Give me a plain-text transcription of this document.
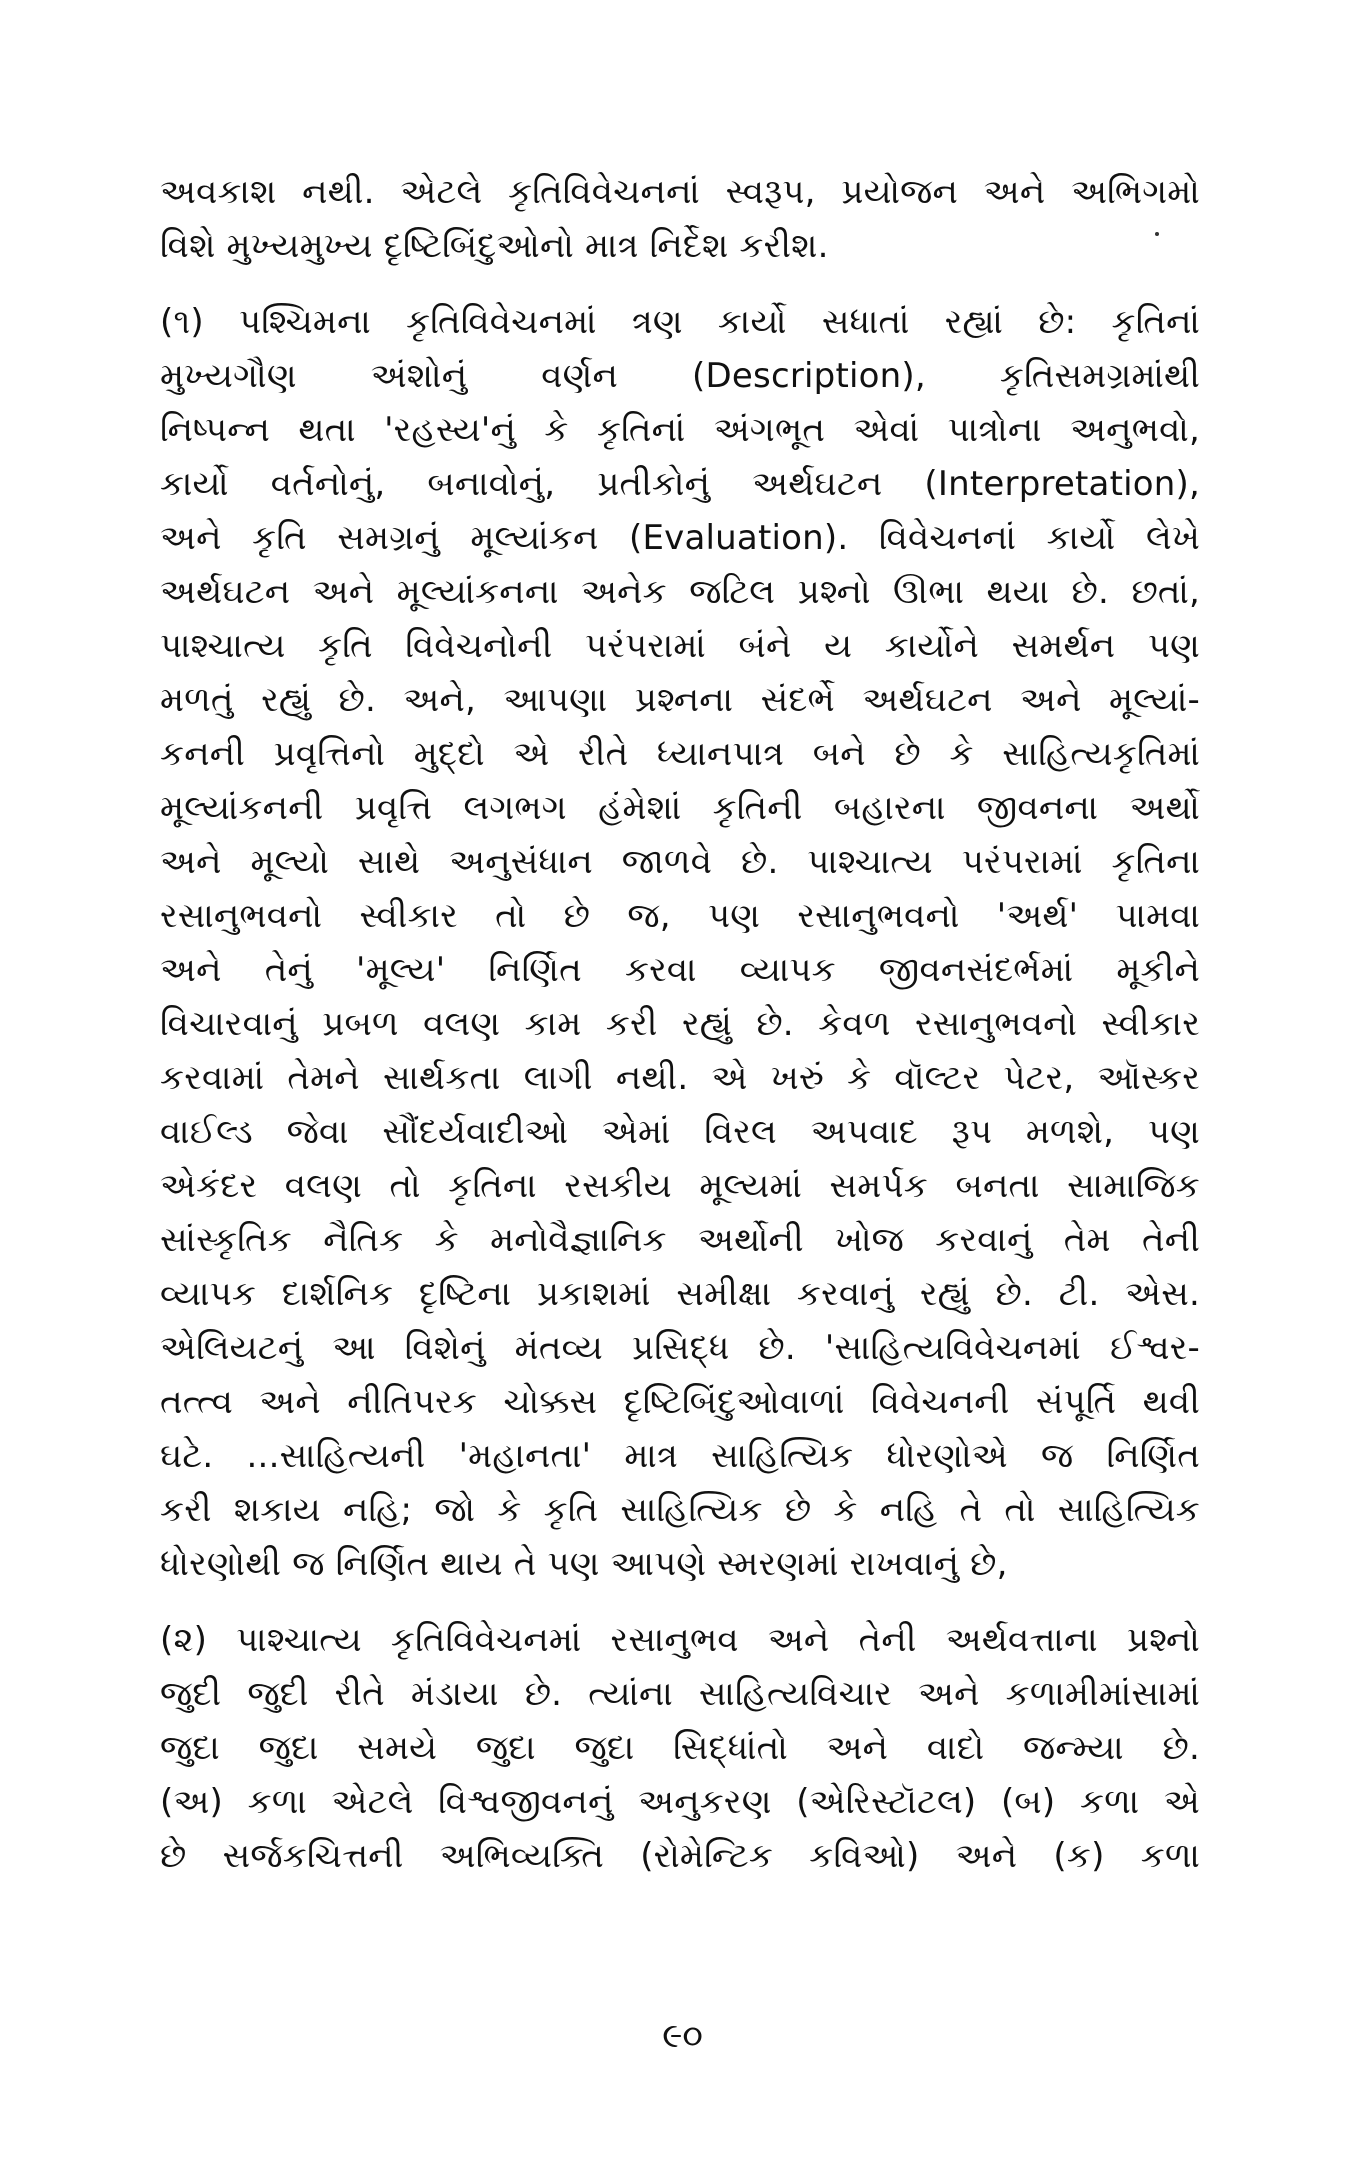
અવકાશ નથી. એટલે કૃતિવિવેચનનાં સ્વરૂપ, પ્રયોજન અને અભિગમો
વિશે મુખ્યમુખ્ય દૃષ્ટિબિંદુઓનો માત્ર નિર્દેશ કરીશ.
(૧) પશ્ચિમના કૃતિવિવેચનમાં ત્રણ કાર્યો સધાતાં રહ્યાં છે: કૃતિનાં
મુખ્યગૌણ અંશોનું વર્ણન (Description), કૃતિસમગ્રમાંથી
નિષ્પન્ન થતા 'રહસ્ય'નું કે કૃતિનાં અંગભૂત એવાં પાત્રોના અનુભવો,
કાર્યો વર્તનોનું, બનાવોનું, પ્રતીકોનું અર્થઘટન (Interpretation),
અને કૃતિ સમગ્રનું મૂલ્યાંકન (Evaluation). વિવેચનનાં કાર્યો લેખે
અર્થઘટન અને મૂલ્યાંકનના અનેક જટિલ પ્રશ્નો ઊભા થયા છે. છતાં,
પાશ્ચાત્ય કૃતિ વિવેચનોની પરંપરામાં બંને ય કાર્યોને સમર્થન પણ
મળતું રહ્યું છે. અને, આપણા પ્રશ્નના સંદર્ભે અર્થઘટન અને મૂલ્યાં-
કનની પ્રવૃત્તિનો મુદ્દો એ રીતે ધ્યાનપાત્ર બને છે કે સાહિત્યકૃતિમાં
મૂલ્યાંકનની પ્રવૃત્તિ લગભગ હંમેશાં કૃતિની બહારના જીવનના અર્થો
અને મૂલ્યો સાથે અનુસંધાન જાળવે છે. પાશ્ચાત્ય પરંપરામાં કૃતિના
રસાનુભવનો સ્વીકાર તો છે જ, પણ રસાનુભવનો 'અર્થ' પામવા
અને તેનું 'મૂલ્ય' નિર્ણિત કરવા વ્યાપક જીવનસંદર્ભમાં મૂકીને
વિચારવાનું પ્રબળ વલણ કામ કરી રહ્યું છે. કેવળ રસાનુભવનો સ્વીકાર
કરવામાં તેમને સાર્થકતા લાગી નથી. એ ખરું કે વૉલ્ટર પેટર, ઑસ્કર
વાઈલ્ડ જેવા સૌંદર્યવાદીઓ એમાં વિરલ અપવાદ રૂપ મળશે, પણ
એકંદર વલણ તો કૃતિના રસકીય મૂલ્યમાં સમર્પક બનતા સામાજિક
સાંસ્કૃતિક નૈતિક કે મનોવૈજ્ઞાનિક અર્થોની ખોજ કરવાનું તેમ તેની
વ્યાપક દાર્શનિક દૃષ્ટિના પ્રકાશમાં સમીક્ષા કરવાનું રહ્યું છે. ટી. એસ.
એલિયટનું આ વિશેનું મંતવ્ય પ્રસિદ્ધ છે. 'સાહિત્યવિવેચનમાં ઈશ્વર-
તત્ત્વ અને નીતિપરક ચોક્કસ દૃષ્ટિબિંદુઓવાળાં વિવેચનની સંપૂર્તિ થવી
ઘટે. ...સાહિત્યની 'મહાનતા' માત્ર સાહિત્યિક ધોરણોએ જ નિર્ણિત
કરી શકાય નહિ; જો કે કૃતિ સાહિત્યિક છે કે નહિ તે તો સાહિત્યિક
ધોરણોથી જ નિર્ણિત થાય તે પણ આપણે સ્મરણમાં રાખવાનું છે,
(૨) પાશ્ચાત્ય કૃતિવિવેચનમાં રસાનુભવ અને તેની અર્થવત્તાના પ્રશ્નો
જુદી જુદી રીતે મંડાયા છે. ત્યાંના સાહિત્યવિચાર અને કળામીમાંસામાં
જુદા જુદા સમયે જુદા જુદા સિદ્ધાંતો અને વાદો જન્મ્યા છે.
(અ) કળા એટલે વિશ્વજીવનનું અનુકરણ (એરિસ્ટૉટલ) (બ) કળા એ
છે સર્જકચિત્તની અભિવ્યક્તિ (રોમેન્ટિક કવિઓ) અને (ક) કળા
૯૦
